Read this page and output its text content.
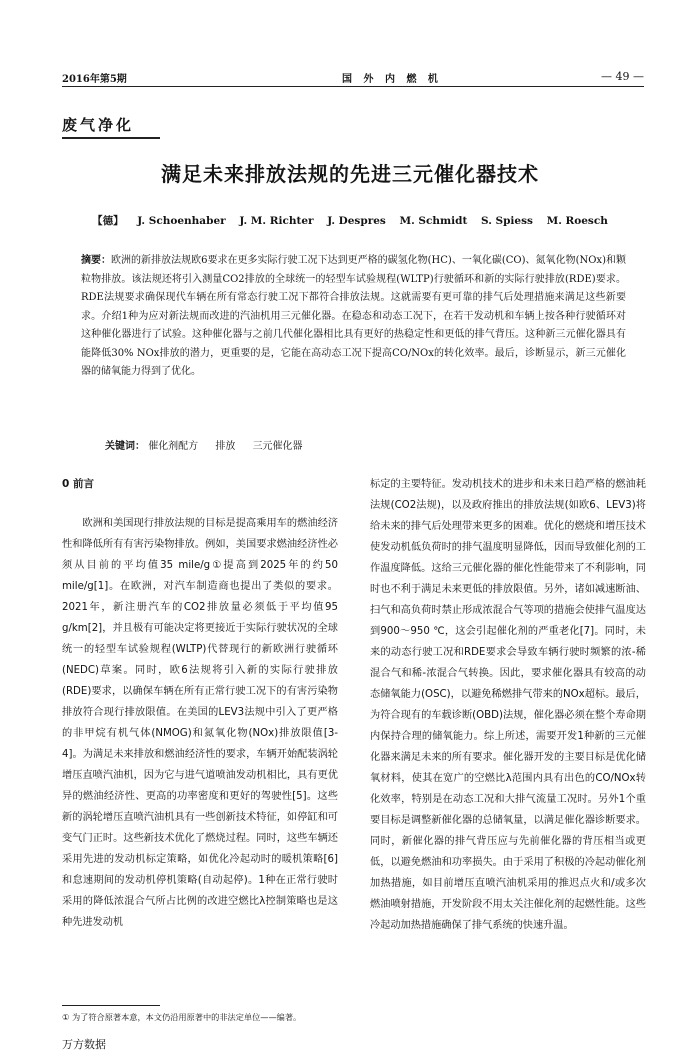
2016年第5期	国 外 内 燃 机	— 49 —
废气净化
满足未来排放法规的先进三元催化器技术
【德】 J. Schoenhaber J. M. Richter J. Despres M. Schmidt S. Spiess M. Roesch
摘要：欧洲的新排放法规欧6要求在更多实际行驶工况下达到更严格的碳氢化物(HC)、一氧化碳(CO)、氮氧化物(NOx)和颗粒物排放。该法规还将引入测量CO2排放的全球统一的轻型车试验规程(WLTP)行驶循环和新的实际行驶排放(RDE)要求。RDE法规要求确保现代车辆在所有常态行驶工况下都符合排放法规。这就需要有更可靠的排气后处理措施来满足这些新要求。介绍1种为应对新法规而改进的汽油机用三元催化器。在稳态和动态工况下，在若干发动机和车辆上按各种行驶循环对这种催化器进行了试验。这种催化器与之前几代催化器相比具有更好的热稳定性和更低的排气背压。这种新三元催化器具有能降低30% NOx排放的潜力，更重要的是，它能在高动态工况下提高CO/NOx的转化效率。最后，诊断显示，新三元催化器的储氧能力得到了优化。
关键词： 催化剂配方 排放 三元催化器
0 前言

欧洲和美国现行排放法规的目标是提高乘用车的燃油经济性和降低所有有害污染物排放。例如，美国要求燃油经济性必须从目前的平均值35 mile/g①提高到2025年的约50 mile/g[1]。在欧洲，对汽车制造商也提出了类似的要求。2021年，新注册汽车的CO2排放量必须低于平均值95 g/km[2]，并且极有可能决定将更接近于实际行驶状况的全球统一的轻型车试验规程(WLTP)代替现行的新欧洲行驶循环(NEDC)草案。同时，欧6法规将引入新的实际行驶排放(RDE)要求，以确保车辆在所有正常行驶工况下的有害污染物排放符合现行排放限值。在美国的LEV3法规中引入了更严格的非甲烷有机气体(NMOG)和氮氧化物(NOx)排放限值[3-4]。为满足未来排放和燃油经济性的要求，车辆开始配装涡轮增压直喷汽油机，因为它与进气道喷油发动机相比，具有更优异的燃油经济性、更高的功率密度和更好的驾驶性[5]。这些新的涡轮增压直喷汽油机具有一些创新技术特征，如停缸和可变气门正时。这些新技术优化了燃烧过程。同时，这些车辆还采用先进的发动机标定策略，如优化冷起动时的暖机策略[6]和怠速期间的发动机停机策略(自动起停)。1种在正常行驶时采用的降低浓混合气所占比例的改进空燃比λ控制策略也是这种先进发动机

标定的主要特征。发动机技术的进步和未来日趋严格的燃油耗法规(CO2法规)，以及政府推出的排放法规(如欧6、LEV3)将给未来的排气后处理带来更多的困难。优化的燃烧和增压技术使发动机低负荷时的排气温度明显降低，因而导致催化剂的工作温度降低。这给三元催化器的催化性能带来了不利影响，同时也不利于满足未来更低的排放限值。另外，诸如减速断油、扫气和高负荷时禁止形成浓混合气等项的措施会使排气温度达到900～950 ℃，这会引起催化剂的严重老化[7]。同时，未来的动态行驶工况和RDE要求会导致车辆行驶时频繁的浓-稀混合气和稀-浓混合气转换。因此，要求催化器具有较高的动态储氧能力(OSC)，以避免稀燃排气带来的NOx超标。最后，为符合现有的车载诊断(OBD)法规，催化器必须在整个寿命期内保持合理的储氧能力。综上所述，需要开发1种新的三元催化器来满足未来的所有要求。催化器开发的主要目标是优化储氧材料，使其在宽广的空燃比λ范围内具有出色的CO/NOx转化效率，特别是在动态工况和大排气流量工况时。另外1个重要目标是调整新催化器的总储氧量，以满足催化器诊断要求。同时，新催化器的排气背压应与先前催化器的背压相当或更低，以避免燃油和功率损失。由于采用了积极的冷起动催化剂加热措施，如目前增压直喷汽油机采用的推迟点火和/或多次燃油喷射措施，开发阶段不用太关注催化剂的起燃性能。这些冷起动加热措施确保了排气系统的快速升温。

① 为了符合原著本意，本文仍沿用原著中的非法定单位——编著。
万方数据
